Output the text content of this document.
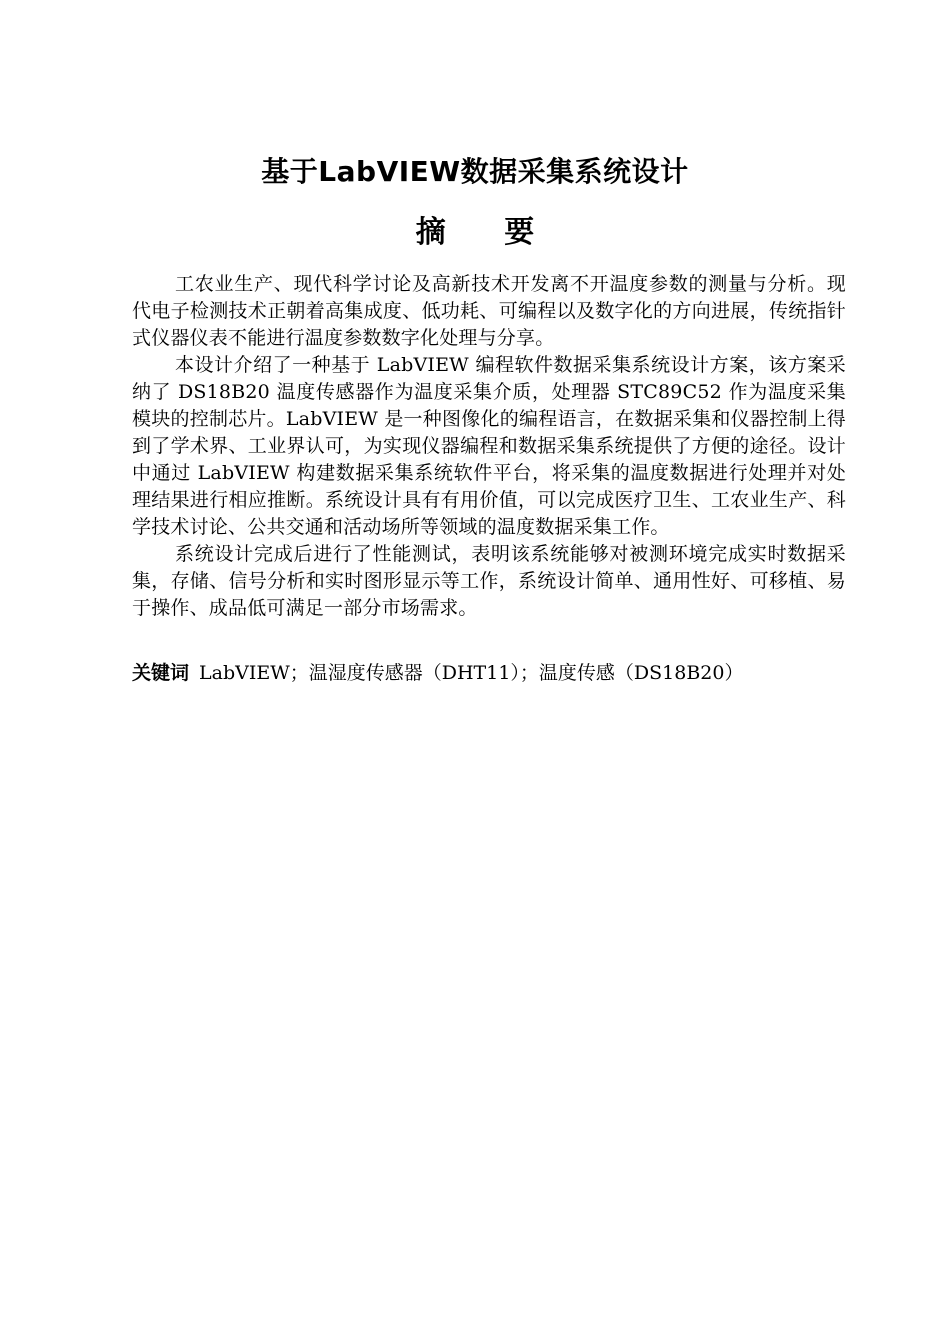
基于LabVIEW数据采集系统设计
摘 要

工农业生产、现代科学讨论及高新技术开发离不开温度参数的测量与分析。现代电子检测技术正朝着高集成度、低功耗、可编程以及数字化的方向进展，传统指针式仪器仪表不能进行温度参数数字化处理与分享。

本设计介绍了一种基于 LabVIEW 编程软件数据采集系统设计方案，该方案采纳了 DS18B20 温度传感器作为温度采集介质，处理器 STC89C52 作为温度采集模块的控制芯片。LabVIEW 是一种图像化的编程语言，在数据采集和仪器控制上得到了学术界、工业界认可，为实现仪器编程和数据采集系统提供了方便的途径。设计中通过 LabVIEW 构建数据采集系统软件平台，将采集的温度数据进行处理并对处理结果进行相应推断。系统设计具有有用价值，可以完成医疗卫生、工农业生产、科学技术讨论、公共交通和活动场所等领域的温度数据采集工作。

系统设计完成后进行了性能测试，表明该系统能够对被测环境完成实时数据采集，存储、信号分析和实时图形显示等工作，系统设计简单、通用性好、可移植、易于操作、成品低可满足一部分市场需求。

关键词 LabVIEW；温湿度传感器（DHT11）；温度传感（DS18B20）
